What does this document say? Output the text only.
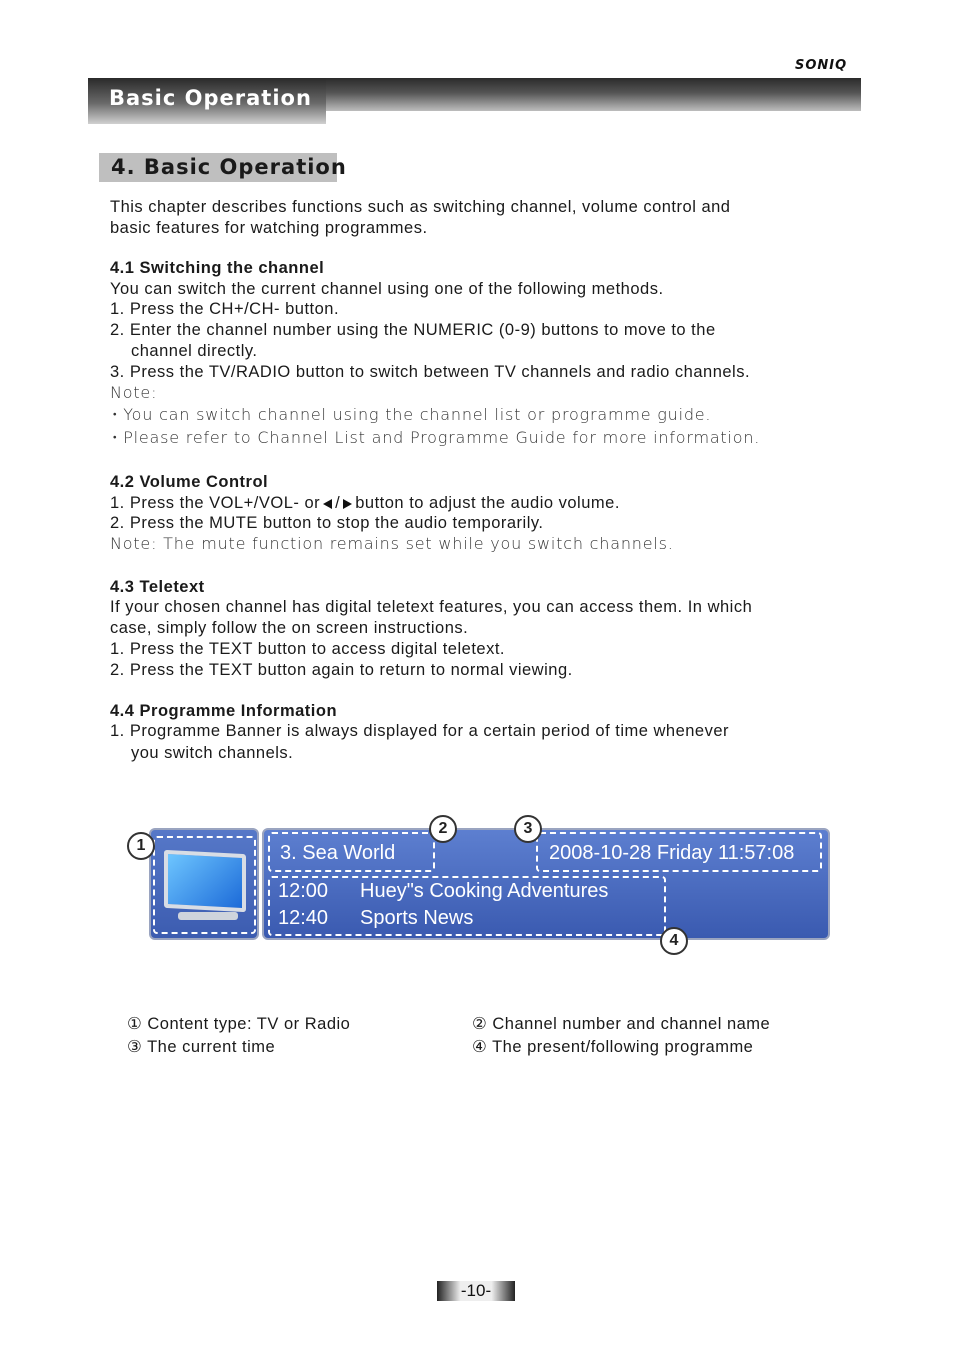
SONIQ
Basic Operation
4. Basic Operation
This chapter describes functions such as switching channel, volume control and
basic features for watching programmes.
4.1 Switching the channel
You can switch the current channel using one of the following methods.
1. Press the CH+/CH- button.
2. Enter the channel number using the NUMERIC (0-9) buttons to move to the
channel directly.
3. Press the TV/RADIO button to switch between TV channels and radio channels.
Note:
• You can switch channel using the channel list or programme guide.
• Please refer to Channel List and Programme Guide for more information.
4.2 Volume Control
1. Press the VOL+/VOL- or / button to adjust the audio volume.
2. Press the MUTE button to stop the audio temporarily.
Note: The mute function remains set while you switch channels.
4.3 Teletext
If your chosen channel has digital teletext features, you can access them. In which
case, simply follow the on screen instructions.
1. Press the TEXT button to access digital teletext.
2. Press the TEXT button again to return to normal viewing.
4.4 Programme Information
1. Programme Banner is always displayed for a certain period of time whenever
you switch channels.
3. Sea World	2008-10-28 Friday 11:57:08
12:00 Huey"s Cooking Adventures
12:40 Sports News
1
2	3
4
① Content type: TV or Radio	② Channel number and channel name
③ The current time	④ The present/following programme
-10-
